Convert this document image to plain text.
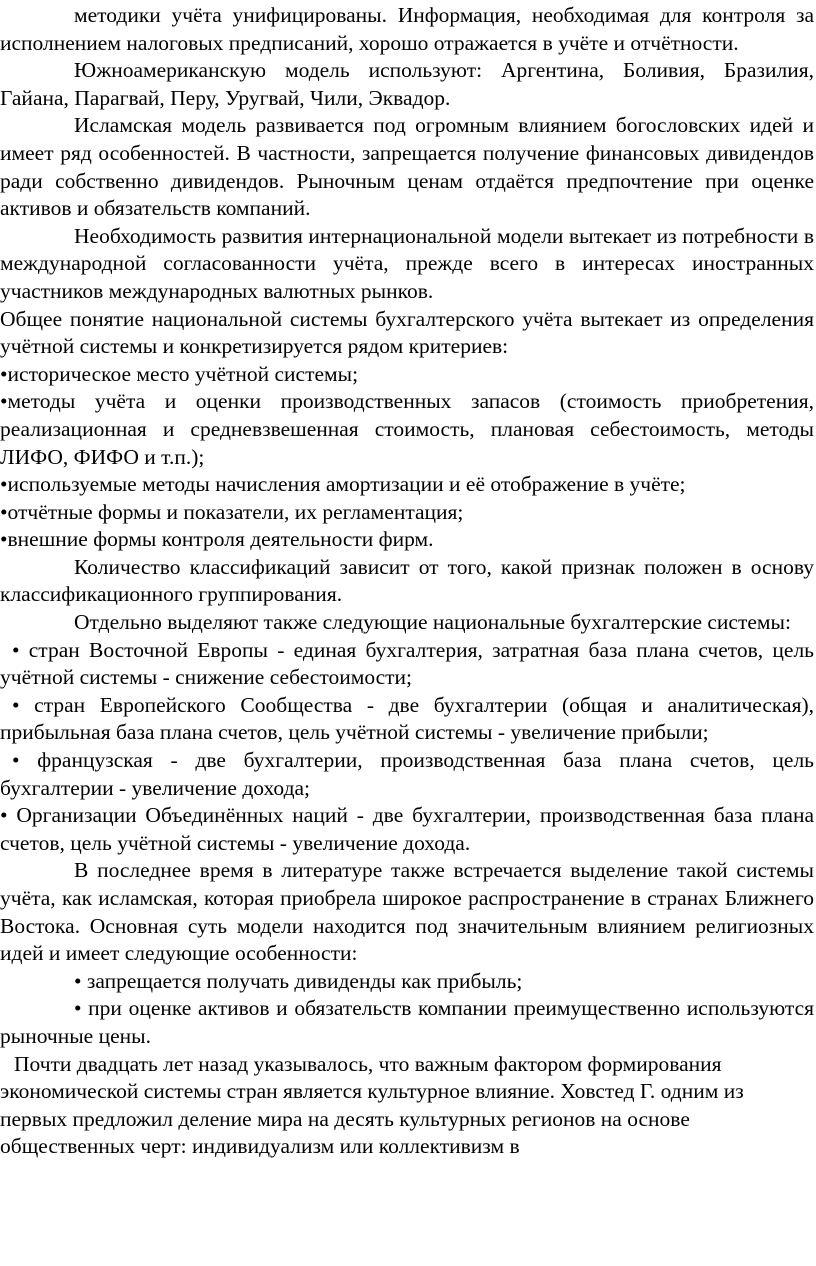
методики учёта унифицированы. Информация, необходимая для контроля за исполнением налоговых предписаний, хорошо отражается в учёте и отчётности.

Южноамериканскую модель используют: Аргентина, Боливия, Бразилия, Гайана, Парагвай, Перу, Уругвай, Чили, Эквадор.

Исламская модель развивается под огромным влиянием богословских идей и имеет ряд особенностей. В частности, запрещается получение финансовых дивидендов ради собственно дивидендов. Рыночным ценам отдаётся предпочтение при оценке активов и обязательств компаний.

Необходимость развития интернациональной модели вытекает из потребности в международной согласованности учёта, прежде всего в интересах иностранных участников международных валютных рынков.

Общее понятие национальной системы бухгалтерского учёта вытекает из определения учётной системы и конкретизируется рядом критериев:

•историческое место учётной системы;

•методы учёта и оценки производственных запасов (стоимость приобретения, реализационная и средневзвешенная стоимость, плановая себестоимость, методы ЛИФО, ФИФО и т.п.);

•используемые методы начисления амортизации и её отображение в учёте;

•отчётные формы и показатели, их регламентация;

•внешние формы контроля деятельности фирм.

Количество классификаций зависит от того, какой признак положен в основу классификационного группирования.

Отдельно выделяют также следующие национальные бухгалтерские системы:

• стран Восточной Европы - единая бухгалтерия, затратная база плана счетов, цель учётной системы - снижение себестоимости;

• стран Европейского Сообщества - две бухгалтерии (общая и аналитическая), прибыльная база плана счетов, цель учётной системы - увеличение прибыли;

• французская - две бухгалтерии, производственная база плана счетов, цель бухгалтерии - увеличение дохода;

• Организации Объединённых наций - две бухгалтерии, производственная база плана счетов, цель учётной системы - увеличение дохода.

В последнее время в литературе также встречается выделение такой системы учёта, как исламская, которая приобрела широкое распространение в странах Ближнего Востока. Основная суть модели находится под значительным влиянием религиозных идей и имеет следующие особенности:

• запрещается получать дивиденды как прибыль;

• при оценке активов и обязательств компании преимущественно используются рыночные цены.

Почти двадцать лет назад указывалось, что важным фактором формирования экономической системы стран является культурное влияние. Ховстед Г. одним из первых предложил деление мира на десять культурных регионов на основе общественных черт: индивидуализм или коллективизм в
